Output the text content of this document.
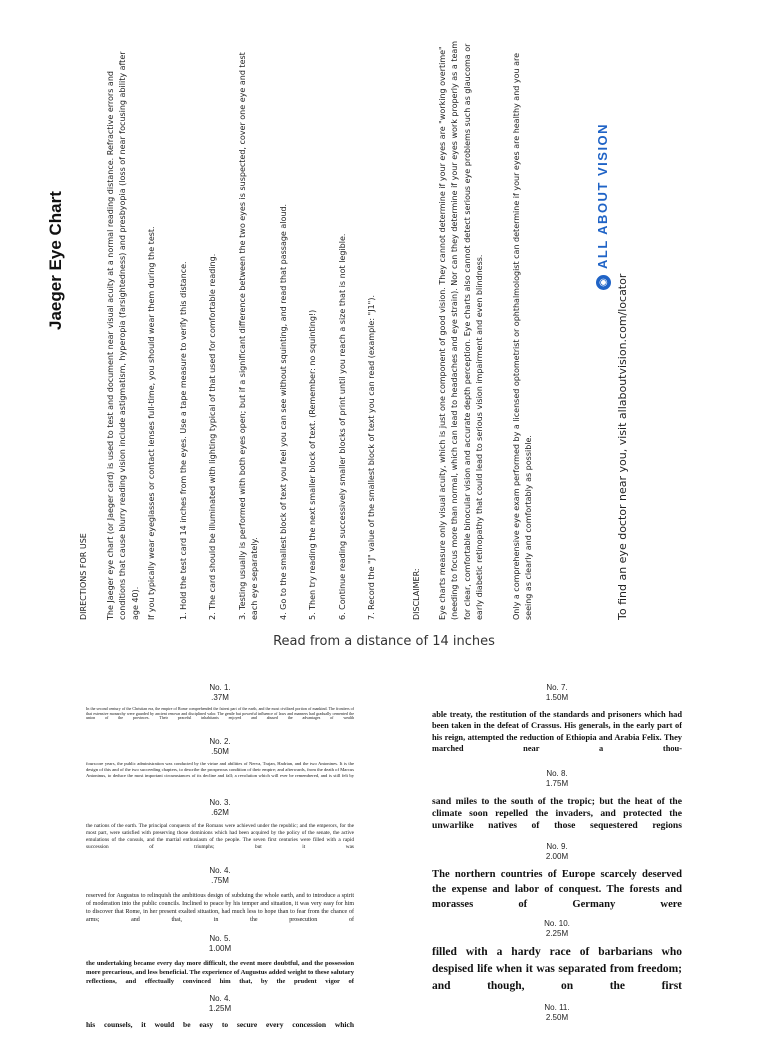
Jaeger Eye Chart
DIRECTIONS FOR USE The Jaeger eye chart (or Jaeger card) is used to test and document near visual acuity at a normal reading distance. Refractive errors and conditions that cause blurry reading vision include astigmatism, hyperopia (farsightedness) and presbyopia (loss of near focusing ability after age 40). If you typically wear eyeglasses or contact lenses full-time, you should wear them during the test.	1. Hold the test card 14 inches from the eyes. Use a tape measure to verify this distance.	2. The card should be illuminated with lighting typical of that used for comfortable reading.	3. Testing usually is performed with both eyes open; but if a significant difference between the two eyes is suspected, cover one eye and test each eye separately.	4. Go to the smallest block of text you feel you can see without squinting, and read that passage aloud.	5. Then try reading the next smaller block of text. (Remember: no squinting!)	6. Continue reading successively smaller blocks of print until you reach a size that is not legible.	7. Record the "J" value of the smallest block of text you can read (example: "J1").	DISCLAIMER: Eye charts measure only visual acuity, which is just one component of good vision. They cannot determine if your eyes are "working overtime" (needing to focus more than normal, which can lead to headaches and eye strain). Nor can they determine if your eyes work properly as a team for clear, comfortable binocular vision and accurate depth perception. Eye charts also cannot detect serious eye problems such as glaucoma or early diabetic retinopathy that could lead to serious vision impairment and even blindness.	Only a comprehensive eye exam performed by a licensed optometrist or ophthalmologist can determine if your eyes are healthy and you are seeing as clearly and comfortably as possible.
◉
ALL ABOUT VISION
To find an eye doctor near you, visit allaboutvision.com/locator
Read from a distance of 14 inches
No. 1.
.37M
In the second century of the Christian era, the empire of Rome comprehended the fairest part of the earth, and the most civilized portion of mankind. The frontiers of that extensive monarchy were guarded by ancient renown and disciplined valor. The gentle but powerful influence of laws and manners had gradually cemented the union of the provinces. Their peaceful inhabitants enjoyed and abused the advantages of wealth
No. 2.
.50M
fourscore years, the public administration was conducted by the virtue and abilities of Nerva, Trajan, Hadrian, and the two Antonines. It is the design of this and of the two succeeding chapters, to describe the prosperous condition of their empire; and afterwards, from the death of Marcus Antoninus, to deduce the most important circumstances of its decline and fall; a revolution which will ever be remembered, and is still felt by
No. 3.
.62M
the nations of the earth. The principal conquests of the Romans were achieved under the republic; and the emperors, for the most part, were satisfied with preserving those dominions which had been acquired by the policy of the senate, the active emulations of the consuls, and the martial enthusiasm of the people. The seven first centuries were filled with a rapid succession of triumphs; but it was
No. 4.
.75M
reserved for Augustus to relinquish the ambitious design of subduing the whole earth, and to introduce a spirit of moderation into the public councils. Inclined to peace by his temper and situation, it was very easy for him to discover that Rome, in her present exalted situation, had much less to hope than to fear from the chance of arms; and that, in the prosecution of
No. 5.
1.00M
the undertaking became every day more difficult, the event more doubtful, and the possession more precarious, and less beneficial. The experience of Augustus added weight to these salutary reflections, and effectually convinced him that, by the prudent vigor of
No. 4.
1.25M
his counsels, it would be easy to secure every concession which
No. 7.
1.50M
able treaty, the restitution of the standards and prisoners which had been taken in the defeat of Crassus. His generals, in the early part of his reign, attempted the reduction of Ethiopia and Arabia Felix. They marched near a thou-
No. 8.
1.75M
sand miles to the south of the tropic; but the heat of the climate soon repelled the invaders, and protected the unwarlike natives of those sequestered regions
No. 9.
2.00M
The northern countries of Europe scarcely deserved the expense and labor of conquest. The forests and morasses of Germany were
No. 10.
2.25M
filled with a hardy race of barbarians who despised life when it was separated from freedom; and though, on the first
No. 11.
2.50M
